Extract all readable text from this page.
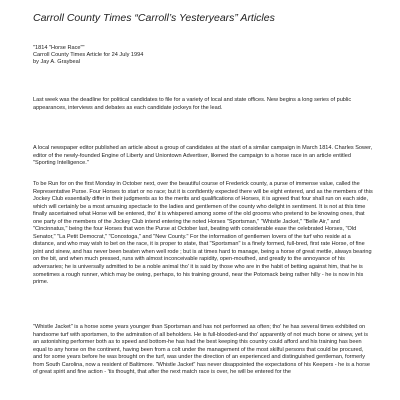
Carroll County Times “Carroll’s Yesteryears” Articles
"1814 "Horse Race""
Carroll County Times Article for 24 July 1994
by Jay A. Graybeal

Last week was the deadline for political candidates to file for a variety of local and state offices. New begins a long series of public appearances, interviews and debates as each candidate jockeys for the lead.

A local newspaper editor published an article about a group of candidates at the start of a similar campaign in March 1814. Charles Sower, editor of the newly-founded Engine of Liberty and Uniontown Advertiser, likened the campaign to a horse race in an article entitled "Sporting Intelligence."

To be Run for on the first Monday in October next, over the beautiful course of Frederick county, a purse of immense value, called the Representative Purse. Four Horses to start or no race; but it is confidently expected there will be eight entered, and as the members of this Jockey Club essentially differ in their judgments as to the merits and qualifications of Horses, it is agreed that four shall run on each side, which will certainly be a most amusing spectacle to the ladies and gentlemen of the county who delight in sentiment. It is not at this time finally ascertained what Horse will be entered, tho' it is whispered among some of the old grooms who pretend to be knowing ones, that one party of the members of the Jockey Club intend entering the noted Horses "Sportsman," "Whistle Jacket," "Belle Air," and "Cincinnatus," being the four Horses that won the Purse at October last, beating with considerable ease the celebrated Horses, "Old Senator," "La Petit Democrat," "Conostoga," and "New County." For the information of gentlemen lovers of the turf who reside at a distance, and who may wish to bet on the race, it is proper to state, that "Sportsman" is a finely formed, full-bred, first rate Horse, of fine joint and sinew, and has never been beaten when well rode ; but is at times hard to manage, being a horse of great mettle, always bearing on the bit, and when much pressed, runs with almost inconceivable rapidity, open-mouthed, and greatly to the annoyance of his adversaries; he is universally admitted to be a noble animal tho' it is said by those who are in the habit of betting against him, that he is sometimes a rough runner, which may be owing, perhaps, to his training ground, near the Potomack being rather hilly - he is now in his prime.

"Whistle Jacket" is a horse some years younger than Sportsman and has not performed as often; tho' he has several times exhibited on handsome turf with sportsmen, to the admiration of all beholders. He is full-blooded-and tho' apparently of not much bone or sinew, yet is an astonishing performer both as to speed and bottom-he has had the best keeping this country could afford and his training has been equal to any horse on the continent, having been from a colt under the management of the most skilful persons that could be procured, and for some years before he was brought on the turf, was under the direction of an experienced and distinguished gentleman, formerly from South Carolina, now a resident of Baltimore. "Whistle Jacket" has never disappointed the expectations of his Keepers - he is a horse of great spirit and fine action - 'tis thought, that after the next match race is over, he will be entered for the
